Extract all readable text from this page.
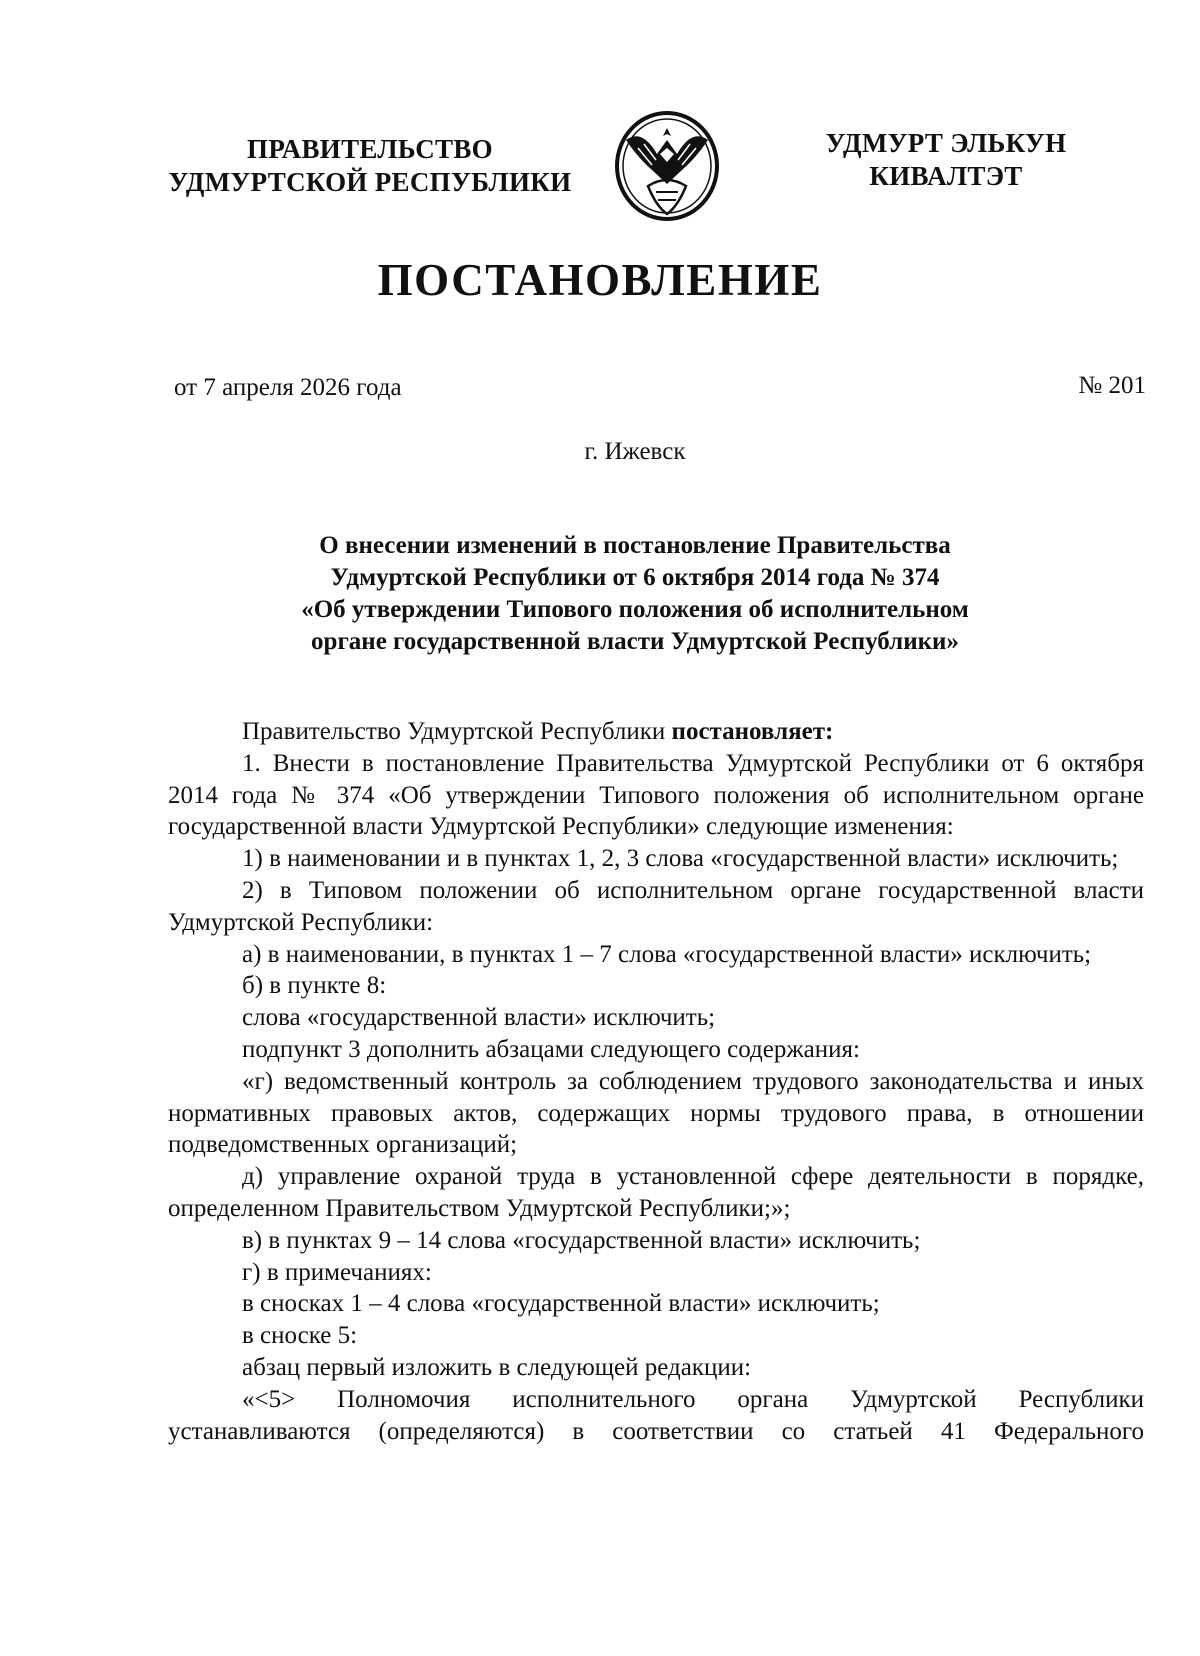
ПРАВИТЕЛЬСТВО
УДМУРТСКОЙ РЕСПУБЛИКИ
УДМУРТ ЭЛЬКУН
КИВАЛТЭТ
ПОСТАНОВЛЕНИЕ
от 7 апреля 2026 года	№ 201
г. Ижевск
О внесении изменений в постановление Правительства
Удмуртской Республики от 6 октября 2014 года № 374
«Об утверждении Типового положения об исполнительном
органе государственной власти Удмуртской Республики»

Правительство Удмуртской Республики постановляет:

1. Внести в постановление Правительства Удмуртской Республики от 6 октября 2014 года № 374 «Об утверждении Типового положения об исполнительном органе государственной власти Удмуртской Республики» следующие изменения:

1) в наименовании и в пунктах 1, 2, 3 слова «государственной власти» исключить;

2) в Типовом положении об исполнительном органе государственной власти Удмуртской Республики:

а) в наименовании, в пунктах 1 – 7 слова «государственной власти» исключить;

б) в пункте 8:

слова «государственной власти» исключить;

подпункт 3 дополнить абзацами следующего содержания:

«г) ведомственный контроль за соблюдением трудового законодательства и иных нормативных правовых актов, содержащих нормы трудового права, в отношении подведомственных организаций;

д) управление охраной труда в установленной сфере деятельности в порядке, определенном Правительством Удмуртской Республики;»;

в) в пунктах 9 – 14 слова «государственной власти» исключить;

г) в примечаниях:

в сносках 1 – 4 слова «государственной власти» исключить;

в сноске 5:

абзац первый изложить в следующей редакции:

«<5> Полномочия исполнительного органа Удмуртской Республики устанавливаются (определяются) в соответствии со статьей 41 Федерального
